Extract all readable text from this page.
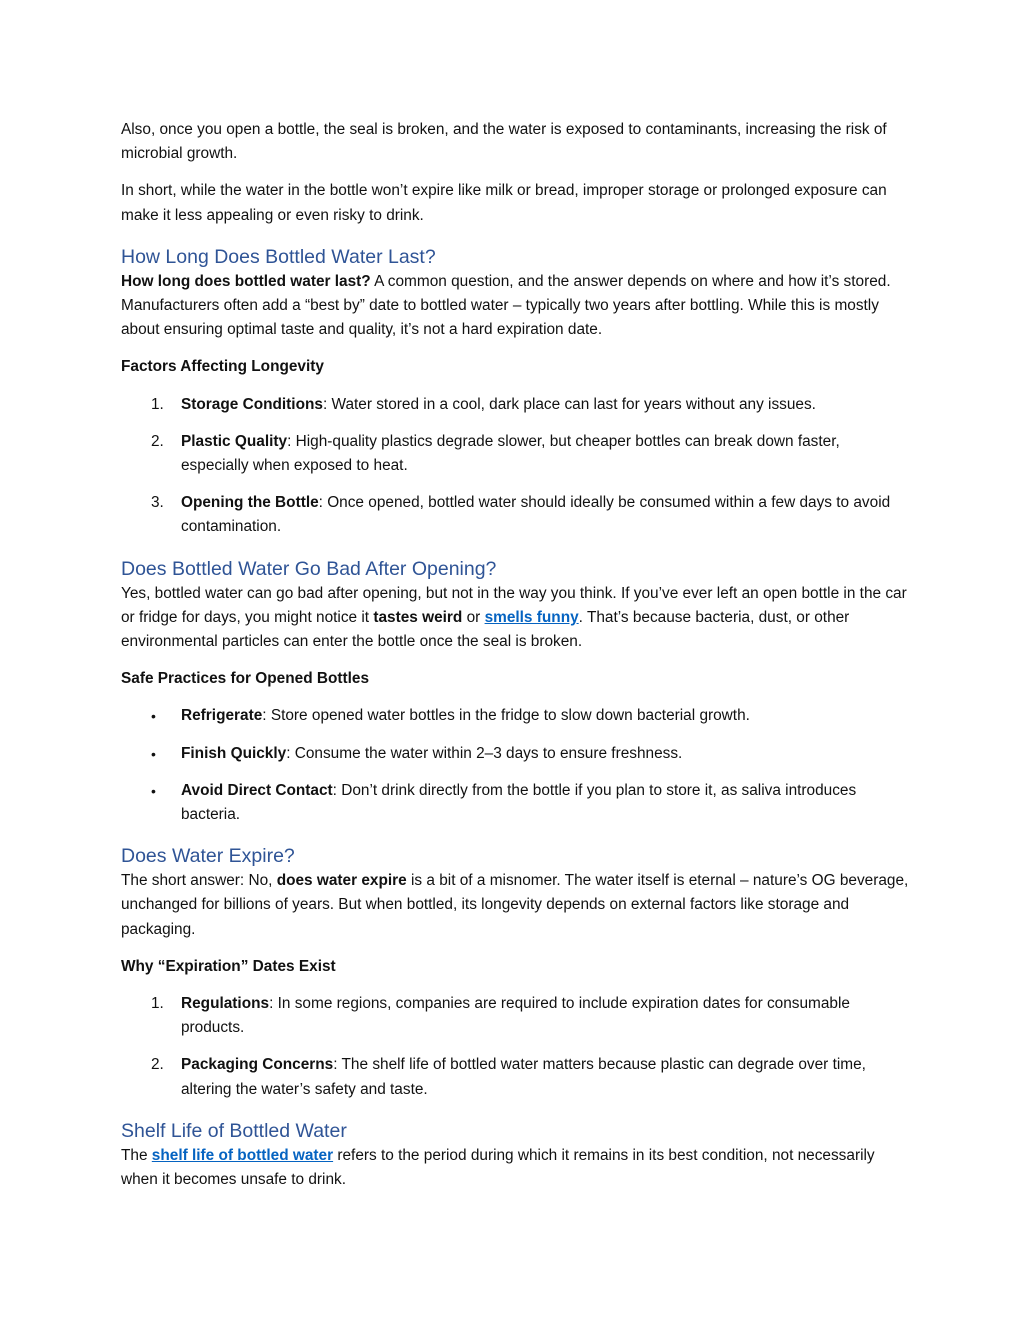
Also, once you open a bottle, the seal is broken, and the water is exposed to contaminants, increasing the risk of microbial growth.

In short, while the water in the bottle won’t expire like milk or bread, improper storage or prolonged exposure can make it less appealing or even risky to drink.

How Long Does Bottled Water Last?

How long does bottled water last? A common question, and the answer depends on where and how it’s stored. Manufacturers often add a “best by” date to bottled water – typically two years after bottling. While this is mostly about ensuring optimal taste and quality, it’s not a hard expiration date.

Factors Affecting Longevity

1. Storage Conditions: Water stored in a cool, dark place can last for years without any issues.
2. Plastic Quality: High-quality plastics degrade slower, but cheaper bottles can break down faster, especially when exposed to heat.
3. Opening the Bottle: Once opened, bottled water should ideally be consumed within a few days to avoid contamination.
Does Bottled Water Go Bad After Opening?

Yes, bottled water can go bad after opening, but not in the way you think. If you’ve ever left an open bottle in the car or fridge for days, you might notice it tastes weird or smells funny. That’s because bacteria, dust, or other environmental particles can enter the bottle once the seal is broken.

Safe Practices for Opened Bottles

• Refrigerate: Store opened water bottles in the fridge to slow down bacterial growth.
• Finish Quickly: Consume the water within 2–3 days to ensure freshness.
• Avoid Direct Contact: Don’t drink directly from the bottle if you plan to store it, as saliva introduces bacteria.
Does Water Expire?

The short answer: No, does water expire is a bit of a misnomer. The water itself is eternal – nature’s OG beverage, unchanged for billions of years. But when bottled, its longevity depends on external factors like storage and packaging.

Why “Expiration” Dates Exist

1. Regulations: In some regions, companies are required to include expiration dates for consumable products.
2. Packaging Concerns: The shelf life of bottled water matters because plastic can degrade over time, altering the water’s safety and taste.
Shelf Life of Bottled Water

The shelf life of bottled water refers to the period during which it remains in its best condition, not necessarily when it becomes unsafe to drink.
